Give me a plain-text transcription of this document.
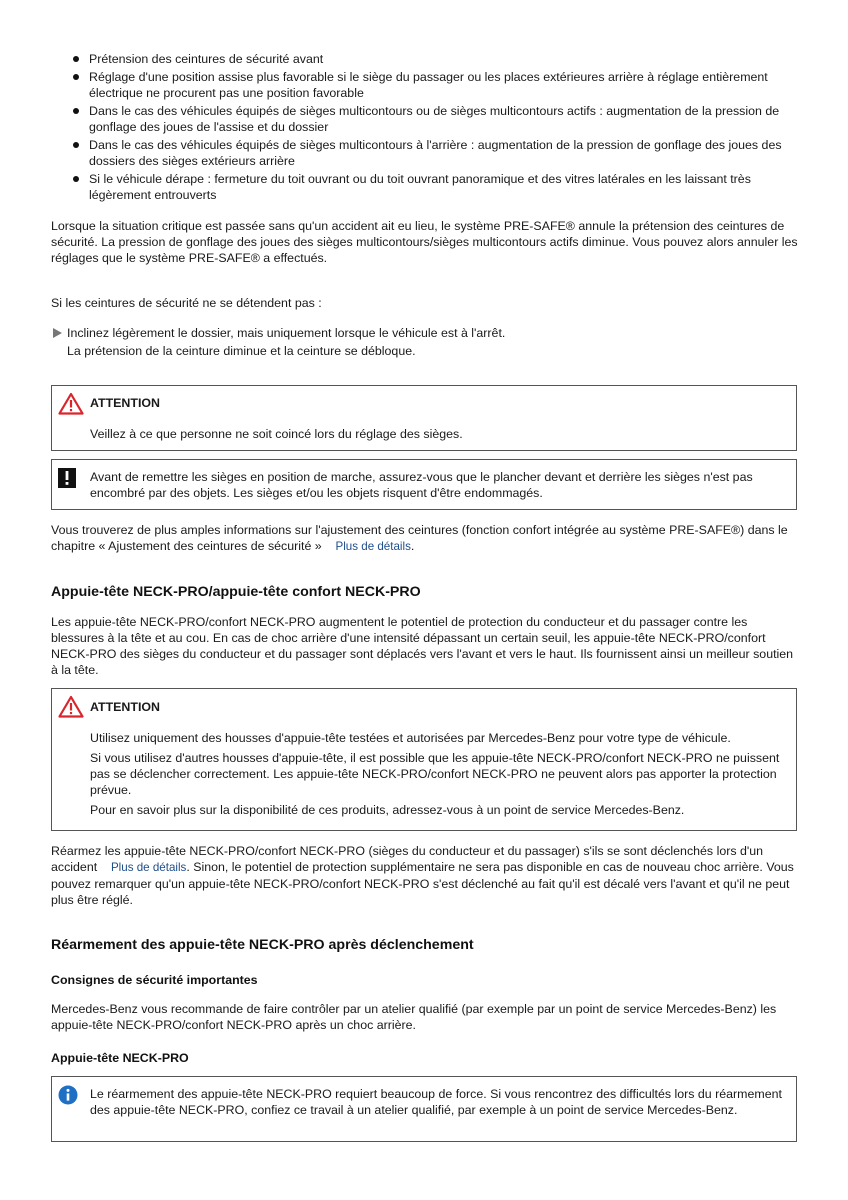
Prétension des ceintures de sécurité avant
Réglage d'une position assise plus favorable si le siège du passager ou les places extérieures arrière à réglage entièrement électrique ne procurent pas une position favorable
Dans le cas des véhicules équipés de sièges multicontours ou de sièges multicontours actifs : augmentation de la pression de gonflage des joues de l'assise et du dossier
Dans le cas des véhicules équipés de sièges multicontours à l'arrière : augmentation de la pression de gonflage des joues des dossiers des sièges extérieurs arrière
Si le véhicule dérape : fermeture du toit ouvrant ou du toit ouvrant panoramique et des vitres latérales en les laissant très légèrement entrouverts

Lorsque la situation critique est passée sans qu'un accident ait eu lieu, le système PRE-SAFE® annule la prétension des ceintures de sécurité. La pression de gonflage des joues des sièges multicontours/sièges multicontours actifs diminue. Vous pouvez alors annuler les réglages que le système PRE-SAFE® a effectués.

Si les ceintures de sécurité ne se détendent pas :

Inclinez légèrement le dossier, mais uniquement lorsque le véhicule est à l'arrêt.

La prétension de la ceinture diminue et la ceinture se débloque.

ATTENTION

Veillez à ce que personne ne soit coincé lors du réglage des sièges.

Avant de remettre les sièges en position de marche, assurez-vous que le plancher devant et derrière les sièges n'est pas encombré par des objets. Les sièges et/ou les objets risquent d'être endommagés.

Vous trouverez de plus amples informations sur l'ajustement des ceintures (fonction confort intégrée au système PRE-SAFE®) dans le chapitre « Ajustement des ceintures de sécurité » Plus de détails.

Appuie-tête NECK-PRO/appuie-tête confort NECK-PRO

Les appuie-tête NECK-PRO/confort NECK-PRO augmentent le potentiel de protection du conducteur et du passager contre les blessures à la tête et au cou. En cas de choc arrière d'une intensité dépassant un certain seuil, les appuie-tête NECK-PRO/confort NECK-PRO des sièges du conducteur et du passager sont déplacés vers l'avant et vers le haut. Ils fournissent ainsi un meilleur soutien à la tête.

ATTENTION

Utilisez uniquement des housses d'appuie-tête testées et autorisées par Mercedes-Benz pour votre type de véhicule.

Si vous utilisez d'autres housses d'appuie-tête, il est possible que les appuie-tête NECK-PRO/confort NECK-PRO ne puissent pas se déclencher correctement. Les appuie-tête NECK-PRO/confort NECK-PRO ne peuvent alors pas apporter la protection prévue.

Pour en savoir plus sur la disponibilité de ces produits, adressez-vous à un point de service Mercedes-Benz.

Réarmez les appuie-tête NECK-PRO/confort NECK-PRO (sièges du conducteur et du passager) s'ils se sont déclenchés lors d'un accident Plus de détails. Sinon, le potentiel de protection supplémentaire ne sera pas disponible en cas de nouveau choc arrière. Vous pouvez remarquer qu'un appuie-tête NECK-PRO/confort NECK-PRO s'est déclenché au fait qu'il est décalé vers l'avant et qu'il ne peut plus être réglé.

Réarmement des appuie-tête NECK-PRO après déclenchement
Consignes de sécurité importantes

Mercedes-Benz vous recommande de faire contrôler par un atelier qualifié (par exemple par un point de service Mercedes-Benz) les appuie-tête NECK-PRO/confort NECK-PRO après un choc arrière.

Appuie-tête NECK-PRO

Le réarmement des appuie-tête NECK-PRO requiert beaucoup de force. Si vous rencontrez des difficultés lors du réarmement des appuie-tête NECK-PRO, confiez ce travail à un atelier qualifié, par exemple à un point de service Mercedes-Benz.
